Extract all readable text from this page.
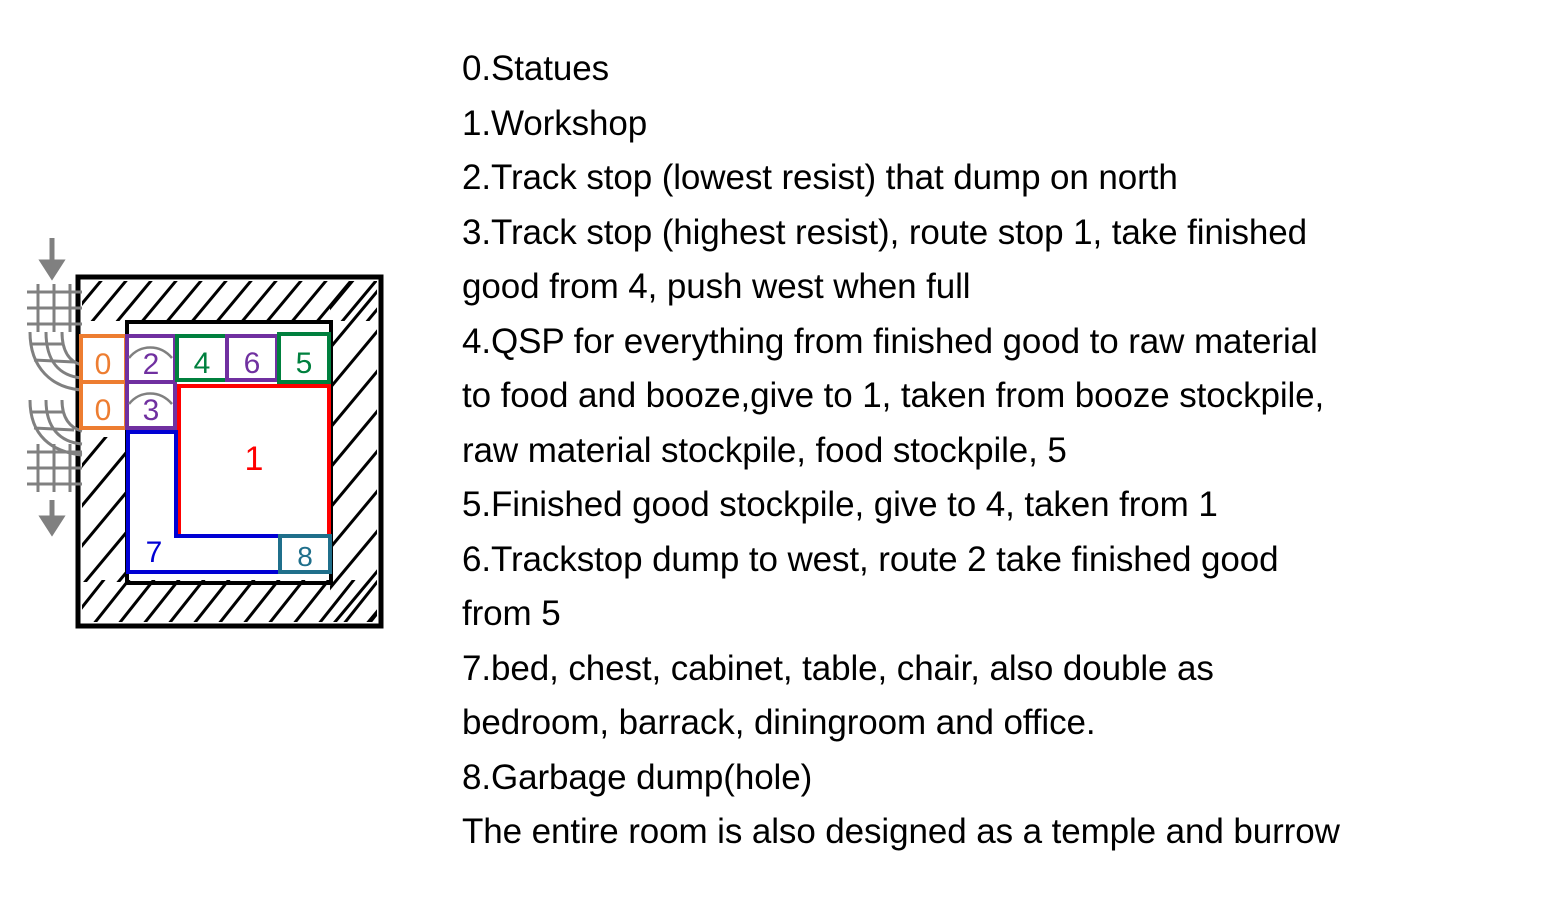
0
0
2
3
4 6 5
1
7	8
0.Statues
1.Workshop
2.Track stop (lowest resist) that dump on north
3.Track stop (highest resist), route stop 1, take finished
good from 4, push west when full
4.QSP for everything from finished good to raw material
to food and booze,give to 1, taken from booze stockpile,
raw material stockpile, food stockpile, 5
5.Finished good stockpile, give to 4, taken from 1
6.Trackstop dump to west, route 2 take finished good
from 5
7.bed, chest, cabinet, table, chair, also double as
bedroom, barrack, diningroom and office.
8.Garbage dump(hole)
The entire room is also designed as a temple and burrow
